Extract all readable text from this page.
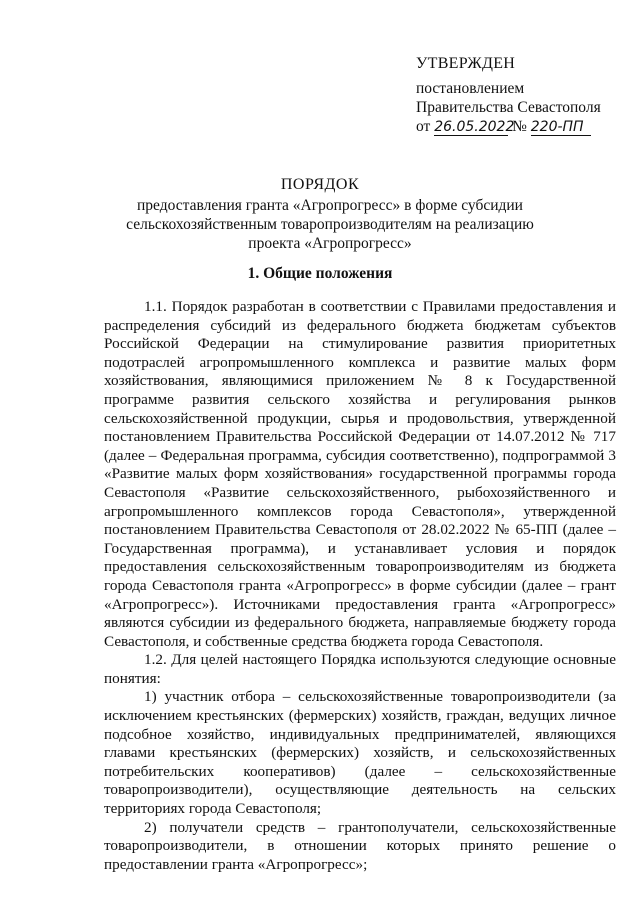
УТВЕРЖДЕН
постановлением
Правительства Севастополя
от 26.05.2022 № 220-ПП
ПОРЯДОК
предоставления гранта «Агропрогресс» в форме субсидии сельскохозяйственным товаропроизводителям на реализацию проекта «Агропрогресс»
1. Общие положения

1.1. Порядок разработан в соответствии с Правилами предоставления и распределения субсидий из федерального бюджета бюджетам субъектов Российской Федерации на стимулирование развития приоритетных подотраслей агропромышленного комплекса и развитие малых форм хозяйствования, являющимися приложением № 8 к Государственной программе развития сельского хозяйства и регулирования рынков сельскохозяйственной продукции, сырья и продовольствия, утвержденной постановлением Правительства Российской Федерации от 14.07.2012 № 717 (далее – Федеральная программа, субсидия соответственно), подпрограммой 3 «Развитие малых форм хозяйствования» государственной программы города Севастополя «Развитие сельскохозяйственного, рыбохозяйственного и агропромышленного комплексов города Севастополя», утвержденной постановлением Правительства Севастополя от 28.02.2022 № 65-ПП (далее – Государственная программа), и устанавливает условия и порядок предоставления сельскохозяйственным товаропроизводителям из бюджета города Севастополя гранта «Агропрогресс» в форме субсидии (далее – грант «Агропрогресс»). Источниками предоставления гранта «Агропрогресс» являются субсидии из федерального бюджета, направляемые бюджету города Севастополя, и собственные средства бюджета города Севастополя.

1.2. Для целей настоящего Порядка используются следующие основные понятия:

1) участник отбора – сельскохозяйственные товаропроизводители (за исключением крестьянских (фермерских) хозяйств, граждан, ведущих личное подсобное хозяйство, индивидуальных предпринимателей, являющихся главами крестьянских (фермерских) хозяйств, и сельскохозяйственных потребительских кооперативов) (далее – сельскохозяйственные товаропроизводители), осуществляющие деятельность на сельских территориях города Севастополя;

2) получатели средств – грантополучатели, сельскохозяйственные товаропроизводители, в отношении которых принято решение о предоставлении гранта «Агропрогресс»;
